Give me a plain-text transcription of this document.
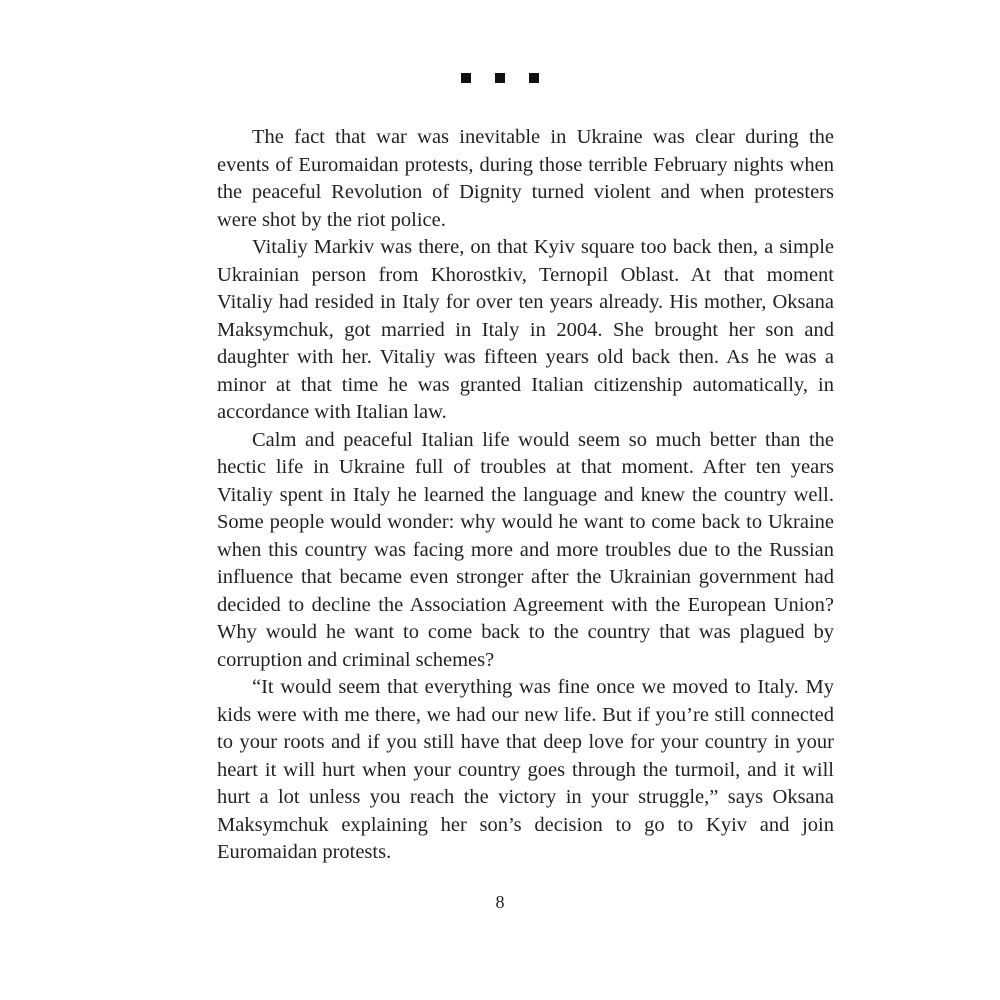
The fact that war was inevitable in Ukraine was clear during the events of Euromaidan protests, during those terrible February nights when the peaceful Revolution of Dignity turned violent and when protesters were shot by the riot police.

Vitaliy Markiv was there, on that Kyiv square too back then, a simple Ukrainian person from Khorostkiv, Ternopil Oblast. At that moment Vitaliy had resided in Italy for over ten years already. His mother, Oksana Maksymchuk, got married in Italy in 2004. She brought her son and daughter with her. Vitaliy was fifteen years old back then. As he was a minor at that time he was granted Italian citizenship automatically, in accordance with Italian law.

Calm and peaceful Italian life would seem so much better than the hectic life in Ukraine full of troubles at that moment. After ten years Vitaliy spent in Italy he learned the language and knew the country well. Some people would wonder: why would he want to come back to Ukraine when this country was facing more and more troubles due to the Russian influence that became even stronger after the Ukrainian government had decided to decline the Association Agreement with the European Union? Why would he want to come back to the country that was plagued by corruption and criminal schemes?

“It would seem that everything was fine once we moved to Italy. My kids were with me there, we had our new life. But if you’re still connected to your roots and if you still have that deep love for your country in your heart it will hurt when your country goes through the turmoil, and it will hurt a lot unless you reach the victory in your struggle,” says Oksana Maksymchuk explaining her son’s decision to go to Kyiv and join Euromaidan protests.

8
